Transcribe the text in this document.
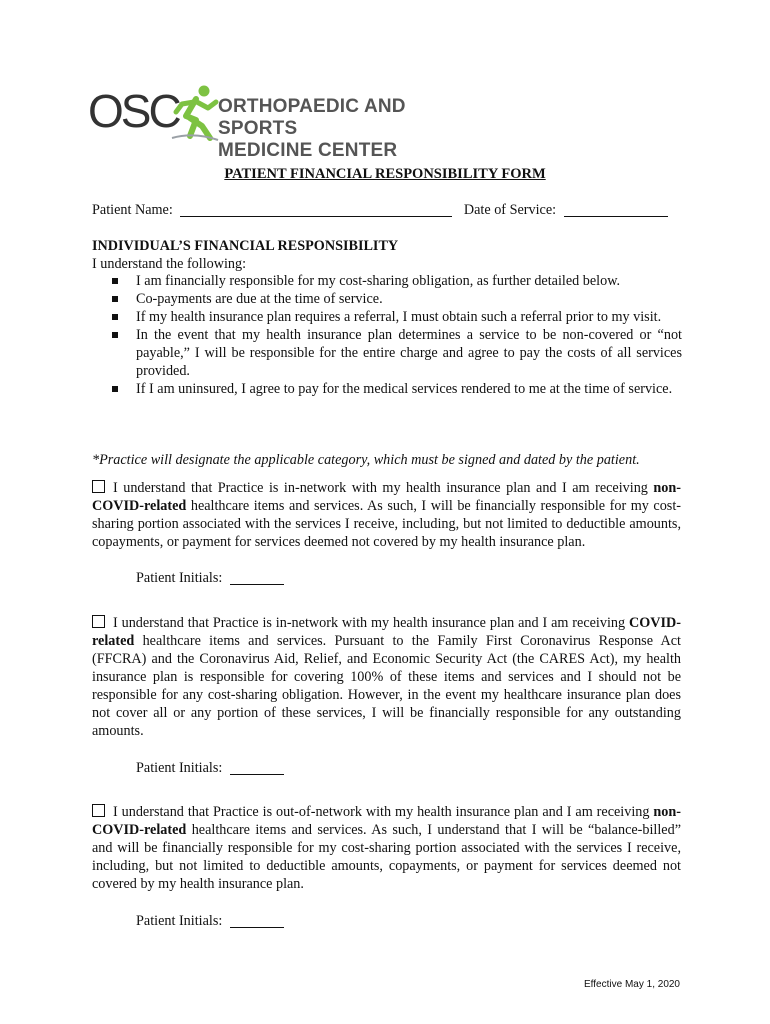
OSC ORTHOPAEDIC AND SPORTS
MEDICINE CENTER
PATIENT FINANCIAL RESPONSIBILITY FORM
Patient Name:	Date of Service:
INDIVIDUAL’S FINANCIAL RESPONSIBILITY
I understand the following:
I am financially responsible for my cost-sharing obligation, as further detailed below.
Co-payments are due at the time of service.
If my health insurance plan requires a referral, I must obtain such a referral prior to my visit.
In the event that my health insurance plan determines a service to be non-covered or “not payable,” I will be responsible for the entire charge and agree to pay the costs of all services provided.
If I am uninsured, I agree to pay for the medical services rendered to me at the time of service.
*Practice will designate the applicable category, which must be signed and dated by the patient.
I understand that Practice is in-network with my health insurance plan and I am receiving non-COVID-related healthcare items and services. As such, I will be financially responsible for my cost-sharing portion associated with the services I receive, including, but not limited to deductible amounts, copayments, or payment for services deemed not covered by my health insurance plan.
Patient Initials:
I understand that Practice is in-network with my health insurance plan and I am receiving COVID-related healthcare items and services. Pursuant to the Family First Coronavirus Response Act (FFCRA) and the Coronavirus Aid, Relief, and Economic Security Act (the CARES Act), my health insurance plan is responsible for covering 100% of these items and services and I should not be responsible for any cost-sharing obligation. However, in the event my healthcare insurance plan does not cover all or any portion of these services, I will be financially responsible for any outstanding amounts.
Patient Initials:
I understand that Practice is out-of-network with my health insurance plan and I am receiving non-COVID-related healthcare items and services. As such, I understand that I will be “balance-billed” and will be financially responsible for my cost-sharing portion associated with the services I receive, including, but not limited to deductible amounts, copayments, or payment for services deemed not covered by my health insurance plan.
Patient Initials:
Effective May 1, 2020
